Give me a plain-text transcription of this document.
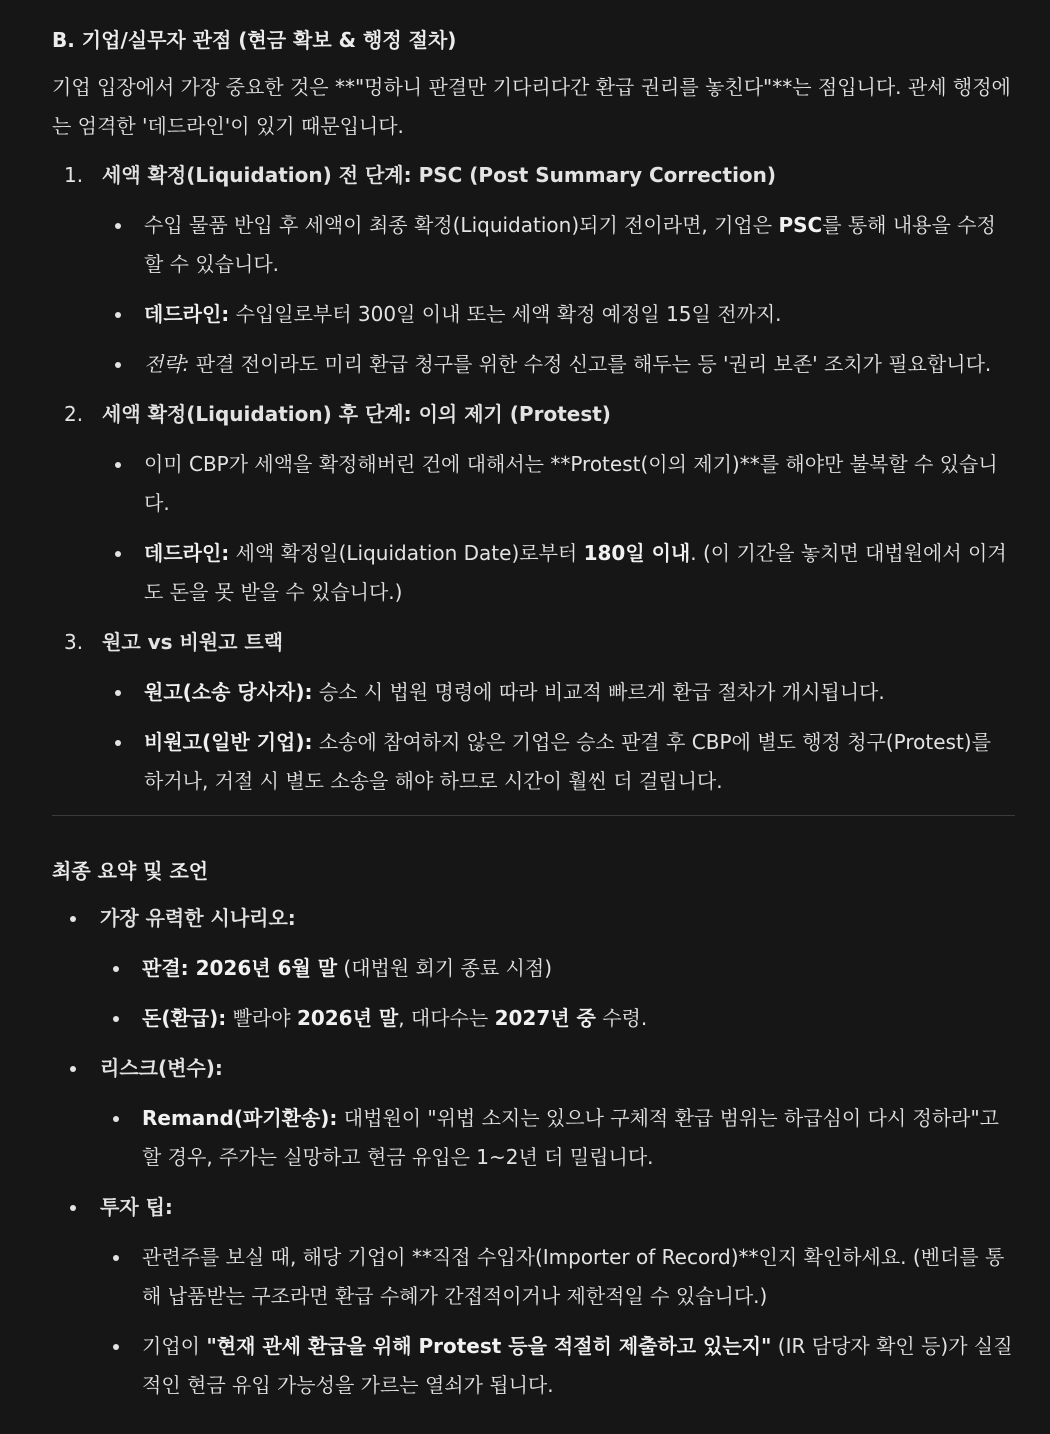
B. 기업/실무자 관점 (현금 확보 & 행정 절차)

기업 입장에서 가장 중요한 것은 **"멍하니 판결만 기다리다간 환급 권리를 놓친다"**는 점입니다. 관세 행정에는 엄격한 '데드라인'이 있기 때문입니다.

1. 세액 확정(Liquidation) 전 단계: PSC (Post Summary Correction)
수입 물품 반입 후 세액이 최종 확정(Liquidation)되기 전이라면, 기업은 PSC를 통해 내용을 수정할 수 있습니다.
데드라인: 수입일로부터 300일 이내 또는 세액 확정 예정일 15일 전까지.
전략: 판결 전이라도 미리 환급 청구를 위한 수정 신고를 해두는 등 '권리 보존' 조치가 필요합니다.
2. 세액 확정(Liquidation) 후 단계: 이의 제기 (Protest)
이미 CBP가 세액을 확정해버린 건에 대해서는 **Protest(이의 제기)**를 해야만 불복할 수 있습니다.
데드라인: 세액 확정일(Liquidation Date)로부터 180일 이내. (이 기간을 놓치면 대법원에서 이겨도 돈을 못 받을 수 있습니다.)
3. 원고 vs 비원고 트랙
원고(소송 당사자): 승소 시 법원 명령에 따라 비교적 빠르게 환급 절차가 개시됩니다.
비원고(일반 기업): 소송에 참여하지 않은 기업은 승소 판결 후 CBP에 별도 행정 청구(Protest)를 하거나, 거절 시 별도 소송을 해야 하므로 시간이 훨씬 더 걸립니다.
최종 요약 및 조언
가장 유력한 시나리오:
판결: 2026년 6월 말 (대법원 회기 종료 시점)
돈(환급): 빨라야 2026년 말, 대다수는 2027년 중 수령.
리스크(변수):
Remand(파기환송): 대법원이 "위법 소지는 있으나 구체적 환급 범위는 하급심이 다시 정하라"고 할 경우, 주가는 실망하고 현금 유입은 1~2년 더 밀립니다.
투자 팁:
관련주를 보실 때, 해당 기업이 **직접 수입자(Importer of Record)**인지 확인하세요. (벤더를 통해 납품받는 구조라면 환급 수혜가 간접적이거나 제한적일 수 있습니다.)
기업이 "현재 관세 환급을 위해 Protest 등을 적절히 제출하고 있는지" (IR 담당자 확인 등)가 실질적인 현금 유입 가능성을 가르는 열쇠가 됩니다.
